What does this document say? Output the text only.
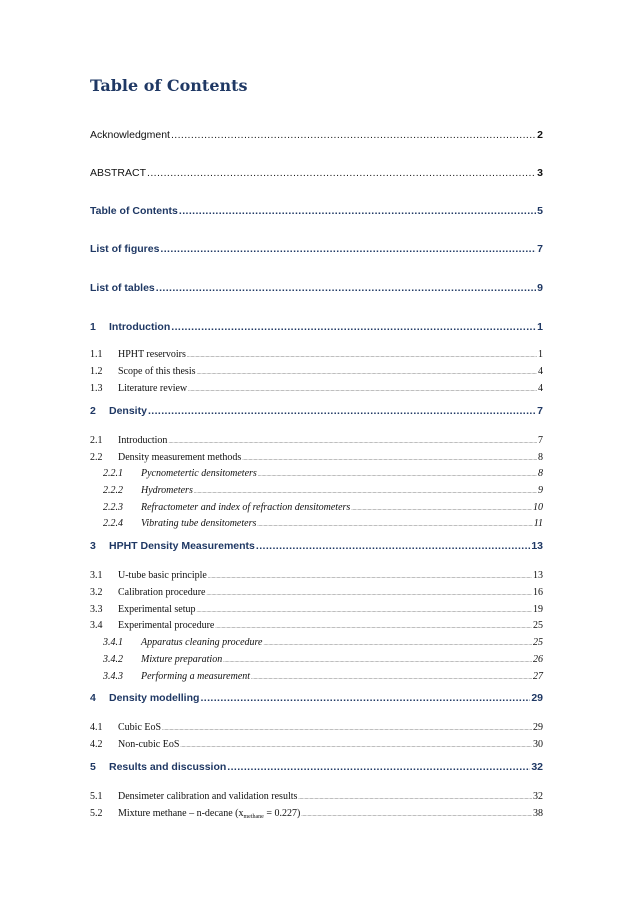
Table of Contents
Acknowledgment .....	2
ABSTRACT .....	3
Table of Contents .....	5
List of figures .....	7
List of tables .....	9
1	Introduction .....	1
1.1	HPHT reservoirs .....	1
1.2	Scope of this thesis .....	4
1.3	Literature review .....	4
2	Density .....	7
2.1	Introduction .....	7
2.2	Density measurement methods .....	8
2.2.1	Pycnometertic densitometers .....	8
2.2.2	Hydrometers .....	9
2.2.3	Refractometer and index of refraction densitometers .....	10
2.2.4	Vibrating tube densitometers .....	11
3	HPHT Density Measurements .....	13
3.1	U-tube basic principle .....	13
3.2	Calibration procedure .....	16
3.3	Experimental setup .....	19
3.4	Experimental procedure .....	25
3.4.1	Apparatus cleaning procedure .....	25
3.4.2	Mixture preparation .....	26
3.4.3	Performing a measurement .....	27
4	Density modelling .....	29
4.1	Cubic EoS .....	29
4.2	Non-cubic EoS .....	30
5	Results and discussion .....	32
5.1	Densimeter calibration and validation results .....	32
5.2	Mixture methane – n-decane $(x_{methane} = 0.227)$ .....	38
